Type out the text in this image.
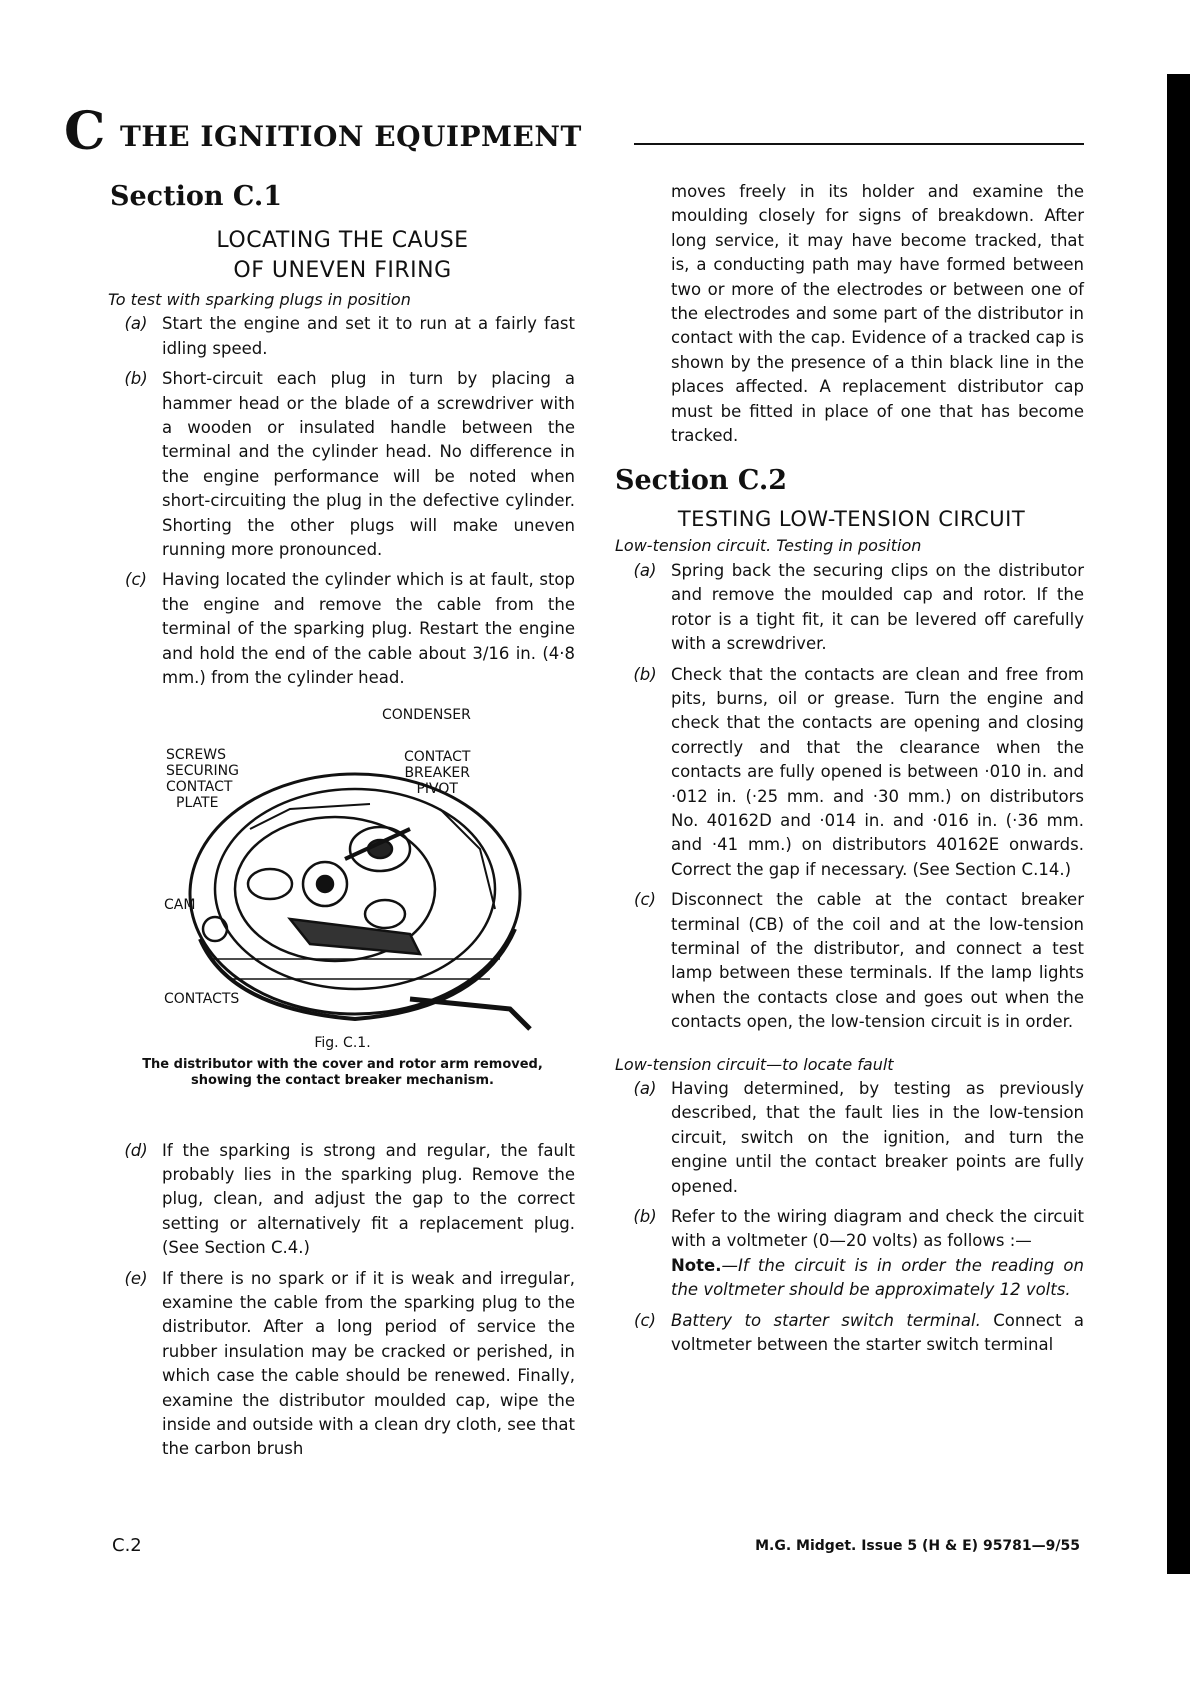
C THE IGNITION EQUIPMENT
Section C.1
LOCATING THE CAUSE
OF UNEVEN FIRING
To test with sparking plugs in position
(a) Start the engine and set it to run at a fairly fast idling speed.
(b) Short-circuit each plug in turn by placing a hammer head or the blade of a screwdriver with a wooden or insulated handle between the terminal and the cylinder head. No difference in the engine performance will be noted when short-circuiting the plug in the defective cylinder. Shorting the other plugs will make uneven running more pronounced.
(c) Having located the cylinder which is at fault, stop the engine and remove the cable from the terminal of the sparking plug. Restart the engine and hold the end of the cable about 3/16 in. (4·8 mm.) from the cylinder head.
CONDENSER
SCREWS
SECURING
CONTACT
PLATE
CONTACT
BREAKER
PIVOT
CAM
CONTACTS
Fig. C.1.
The distributor with the cover and rotor arm removed,
showing the contact breaker mechanism.
(d) If the sparking is strong and regular, the fault probably lies in the sparking plug. Remove the plug, clean, and adjust the gap to the correct setting or alternatively fit a replacement plug. (See Section C.4.)
(e) If there is no spark or if it is weak and irregular, examine the cable from the sparking plug to the distributor. After a long period of service the rubber insulation may be cracked or perished, in which case the cable should be renewed. Finally, examine the distributor moulded cap, wipe the inside and outside with a clean dry cloth, see that the carbon brush
moves freely in its holder and examine the moulding closely for signs of breakdown. After long service, it may have become tracked, that is, a conducting path may have formed between two or more of the electrodes or between one of the electrodes and some part of the distributor in contact with the cap. Evidence of a tracked cap is shown by the presence of a thin black line in the places affected. A replacement distributor cap must be fitted in place of one that has become tracked.
Section C.2
TESTING LOW-TENSION CIRCUIT
Low-tension circuit. Testing in position
(a) Spring back the securing clips on the distributor and remove the moulded cap and rotor. If the rotor is a tight fit, it can be levered off carefully with a screwdriver.
(b) Check that the contacts are clean and free from pits, burns, oil or grease. Turn the engine and check that the contacts are opening and closing correctly and that the clearance when the contacts are fully opened is between ·010 in. and ·012 in. (·25 mm. and ·30 mm.) on distributors No. 40162D and ·014 in. and ·016 in. (·36 mm. and ·41 mm.) on distributors 40162E onwards. Correct the gap if necessary. (See Section C.14.)
(c) Disconnect the cable at the contact breaker terminal (CB) of the coil and at the low-tension terminal of the distributor, and connect a test lamp between these terminals. If the lamp lights when the contacts close and goes out when the contacts open, the low-tension circuit is in order.
Low-tension circuit—to locate fault
(a) Having determined, by testing as previously described, that the fault lies in the low-tension circuit, switch on the ignition, and turn the engine until the contact breaker points are fully opened.
(b) Refer to the wiring diagram and check the circuit with a voltmeter (0—20 volts) as follows :—
Note.—If the circuit is in order the reading on the voltmeter should be approximately 12 volts.
(c) Battery to starter switch terminal. Connect a voltmeter between the starter switch terminal
C.2	M.G. Midget. Issue 5 (H & E) 95781—9/55
